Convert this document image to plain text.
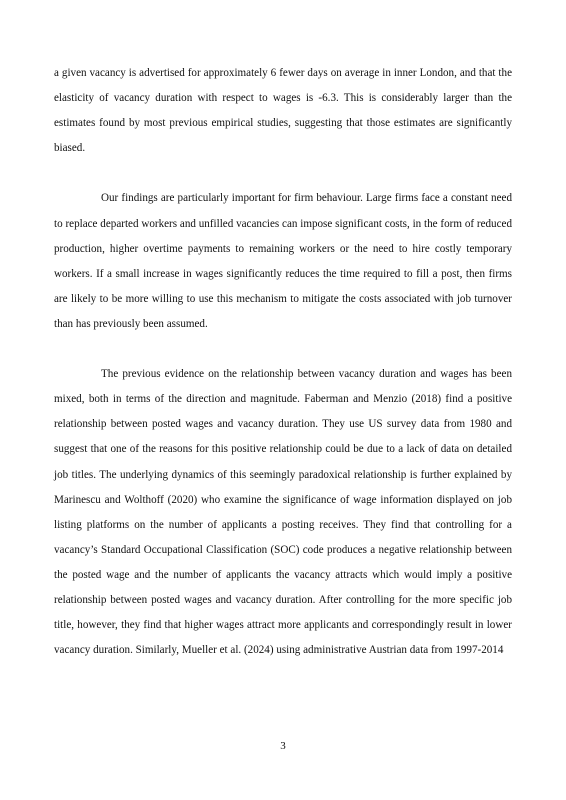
a given vacancy is advertised for approximately 6 fewer days on average in inner London, and that the elasticity of vacancy duration with respect to wages is -6.3. This is considerably larger than the estimates found by most previous empirical studies, suggesting that those estimates are significantly biased.

Our findings are particularly important for firm behaviour. Large firms face a constant need to replace departed workers and unfilled vacancies can impose significant costs, in the form of reduced production, higher overtime payments to remaining workers or the need to hire costly temporary workers. If a small increase in wages significantly reduces the time required to fill a post, then firms are likely to be more willing to use this mechanism to mitigate the costs associated with job turnover than has previously been assumed.

The previous evidence on the relationship between vacancy duration and wages has been mixed, both in terms of the direction and magnitude. Faberman and Menzio (2018) find a positive relationship between posted wages and vacancy duration. They use US survey data from 1980 and suggest that one of the reasons for this positive relationship could be due to a lack of data on detailed job titles. The underlying dynamics of this seemingly paradoxical relationship is further explained by Marinescu and Wolthoff (2020) who examine the significance of wage information displayed on job listing platforms on the number of applicants a posting receives. They find that controlling for a vacancy’s Standard Occupational Classification (SOC) code produces a negative relationship between the posted wage and the number of applicants the vacancy attracts which would imply a positive relationship between posted wages and vacancy duration. After controlling for the more specific job title, however, they find that higher wages attract more applicants and correspondingly result in lower vacancy duration. Similarly, Mueller et al. (2024) using administrative Austrian data from 1997-2014

3
